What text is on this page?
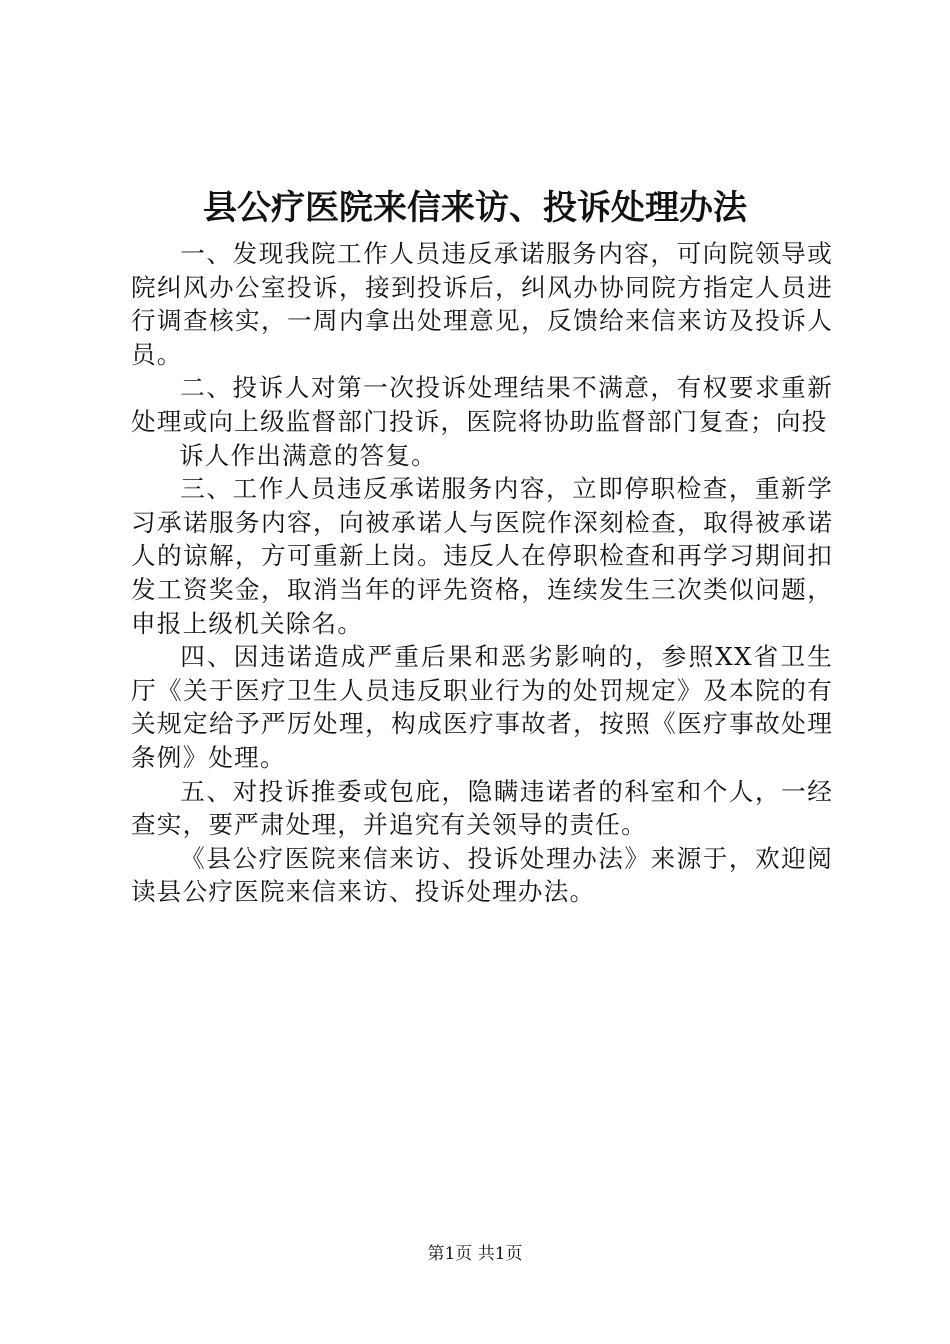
县公疗医院来信来访、投诉处理办法

一、发现我院工作人员违反承诺服务内容，可向院领导或院纠风办公室投诉，接到投诉后，纠风办协同院方指定人员进行调查核实，一周内拿出处理意见，反馈给来信来访及投诉人员。

二、投诉人对第一次投诉处理结果不满意，有权要求重新处理或向上级监督部门投诉，医院将协助监督部门复查；向投

诉人作出满意的答复。

三、工作人员违反承诺服务内容，立即停职检查，重新学习承诺服务内容，向被承诺人与医院作深刻检查，取得被承诺人的谅解，方可重新上岗。违反人在停职检查和再学习期间扣发工资奖金，取消当年的评先资格，连续发生三次类似问题，申报上级机关除名。

四、因违诺造成严重后果和恶劣影响的，参照XX省卫生厅《关于医疗卫生人员违反职业行为的处罚规定》及本院的有关规定给予严厉处理，构成医疗事故者，按照《医疗事故处理条例》处理。

五、对投诉推委或包庇，隐瞒违诺者的科室和个人，一经查实，要严肃处理，并追究有关领导的责任。

《县公疗医院来信来访、投诉处理办法》来源于，欢迎阅读县公疗医院来信来访、投诉处理办法。

第1页 共1页
